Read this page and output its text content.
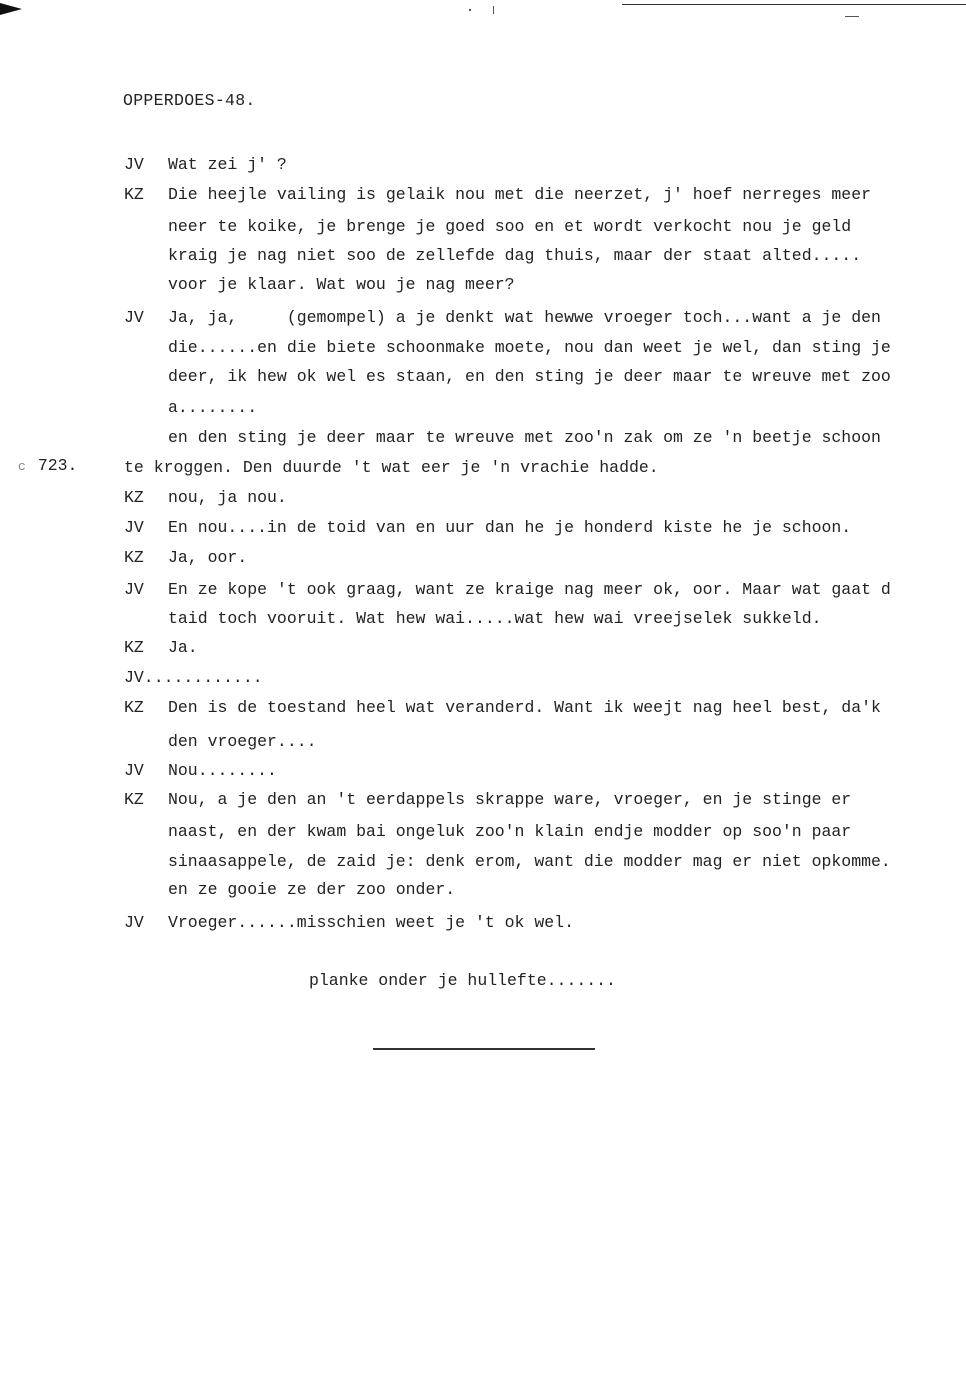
OPPERDOES-48.
c 723.
JV Wat zei j' ?
KZ Die heejle vailing is gelaik nou met die neerzet, j' hoef nerreges meer
neer te koike, je brenge je goed soo en et wordt verkocht nou je geld
kraig je nag niet soo de zellefde dag thuis, maar der staat alted.....
voor je klaar. Wat wou je nag meer?
JV Ja, ja,     (gemompel) a je denkt wat hewwe vroeger toch...want a je den
die......en die biete schoonmake moete, nou dan weet je wel, dan sting je
deer, ik hew ok wel es staan, en den sting je deer maar te wreuve met zoo
a........
en den sting je deer maar te wreuve met zoo'n zak om ze 'n beetje schoon
te kroggen. Den duurde 't wat eer je 'n vrachie hadde.
KZ nou, ja nou.
JV En nou....in de toid van en uur dan he je honderd kiste he je schoon.
KZ Ja, oor.
JV En ze kope 't ook graag, want ze kraige nag meer ok, oor. Maar wat gaat d
taid toch vooruit. Wat hew wai.....wat hew wai vreejselek sukkeld.
KZ Ja.
JV............
KZ Den is de toestand heel wat veranderd. Want ik weejt nag heel best, da'k
den vroeger....
JV Nou........
KZ Nou, a je den an 't eerdappels skrappe ware, vroeger, en je stinge er
naast, en der kwam bai ongeluk zoo'n klain endje modder op soo'n paar
sinaasappele, de zaid je: denk erom, want die modder mag er niet opkomme.
en ze gooie ze der zoo onder.
JV Vroeger......misschien weet je 't ok wel.
planke onder je hullefte.......
